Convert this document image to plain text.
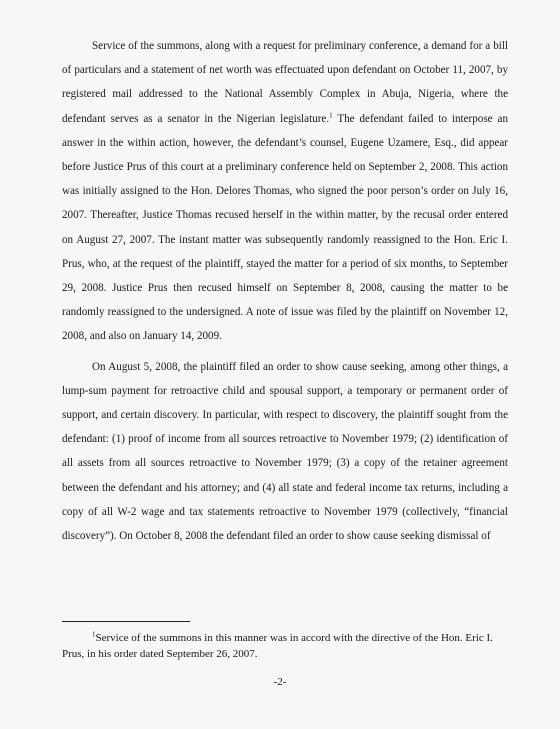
Service of the summons, along with a request for preliminary conference, a demand for a bill of particulars and a statement of net worth was effectuated upon defendant on October 11, 2007, by registered mail addressed to the National Assembly Complex in Abuja, Nigeria, where the defendant serves as a senator in the Nigerian legislature.$^1$ The defendant failed to interpose an answer in the within action, however, the defendant’s counsel, Eugene Uzamere, Esq., did appear before Justice Prus of this court at a preliminary conference held on September 2, 2008. This action was initially assigned to the Hon. Delores Thomas, who signed the poor person’s order on July 16, 2007. Thereafter, Justice Thomas recused herself in the within matter, by the recusal order entered on August 27, 2007. The instant matter was subsequently randomly reassigned to the Hon. Eric I. Prus, who, at the request of the plaintiff, stayed the matter for a period of six months, to September 29, 2008. Justice Prus then recused himself on September 8, 2008, causing the matter to be randomly reassigned to the undersigned. A note of issue was filed by the plaintiff on November 12, 2008, and also on January 14, 2009.

On August 5, 2008, the plaintiff filed an order to show cause seeking, among other things, a lump-sum payment for retroactive child and spousal support, a temporary or permanent order of support, and certain discovery. In particular, with respect to discovery, the plaintiff sought from the defendant: (1) proof of income from all sources retroactive to November 1979; (2) identification of all assets from all sources retroactive to November 1979; (3) a copy of the retainer agreement between the defendant and his attorney; and (4) all state and federal income tax returns, including a copy of all W-2 wage and tax statements retroactive to November 1979 (collectively, “financial discovery”). On October 8, 2008 the defendant filed an order to show cause seeking dismissal of

$^1$Service of the summons in this manner was in accord with the directive of the Hon. Eric I. Prus, in his order dated September 26, 2007.

-2-
